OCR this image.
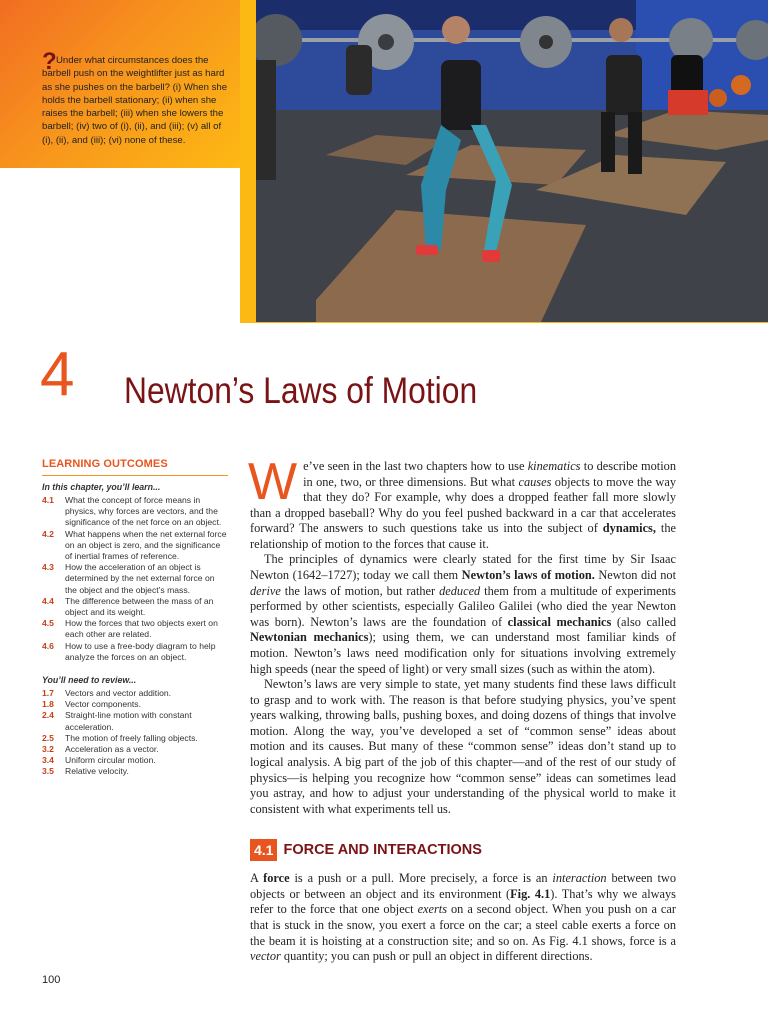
? Under what circumstances does the barbell push on the weightlifter just as hard as she pushes on the barbell? (i) When she holds the barbell stationary; (ii) when she raises the barbell; (iii) when she lowers the barbell; (iv) two of (i), (ii), and (iii); (v) all of (i), (ii), and (iii); (vi) none of these.
4 Newton’s Laws of Motion
LEARNING OUTCOMES
In this chapter, you’ll learn...
4.1	What the concept of force means in physics, why forces are vectors, and the significance of the net force on an object.
4.2	What happens when the net external force on an object is zero, and the significance of inertial frames of reference.
4.3	How the acceleration of an object is determined by the net external force on the object and the object’s mass.
4.4	The difference between the mass of an object and its weight.
4.5	How the forces that two objects exert on each other are related.
4.6	How to use a free-body diagram to help analyze the forces on an object.
You’ll need to review...
1.7	Vectors and vector addition.
1.8	Vector components.
2.4	Straight-line motion with constant acceleration.
2.5	The motion of freely falling objects.
3.2	Acceleration as a vector.
3.4	Uniform circular motion.
3.5	Relative velocity.

We’ve seen in the last two chapters how to use kinematics to describe motion in one, two, or three dimensions. But what causes objects to move the way that they do? For example, why does a dropped feather fall more slowly than a dropped baseball? Why do you feel pushed backward in a car that accelerates forward? The answers to such questions take us into the subject of dynamics, the relationship of motion to the forces that cause it.

The principles of dynamics were clearly stated for the first time by Sir Isaac Newton (1642–1727); today we call them Newton’s laws of motion. Newton did not derive the laws of motion, but rather deduced them from a multitude of experiments performed by other scientists, especially Galileo Galilei (who died the year Newton was born). Newton’s laws are the foundation of classical mechanics (also called Newtonian mechanics); using them, we can understand most familiar kinds of motion. Newton’s laws need modification only for situations involving extremely high speeds (near the speed of light) or very small sizes (such as within the atom).

Newton’s laws are very simple to state, yet many students find these laws difficult to grasp and to work with. The reason is that before studying physics, you’ve spent years walking, throwing balls, pushing boxes, and doing dozens of things that involve motion. Along the way, you’ve developed a set of “common sense” ideas about motion and its causes. But many of these “common sense” ideas don’t stand up to logical analysis. A big part of the job of this chapter—and of the rest of our study of physics—is helping you recognize how “common sense” ideas can sometimes lead you astray, and how to adjust your understanding of the physical world to make it consistent with what experiments tell us.

4.1 FORCE AND INTERACTIONS

A force is a push or a pull. More precisely, a force is an interaction between two objects or between an object and its environment (Fig. 4.1). That’s why we always refer to the force that one object exerts on a second object. When you push on a car that is stuck in the snow, you exert a force on the car; a steel cable exerts a force on the beam it is hoisting at a construction site; and so on. As Fig. 4.1 shows, force is a vector quantity; you can push or pull an object in different directions.

100
